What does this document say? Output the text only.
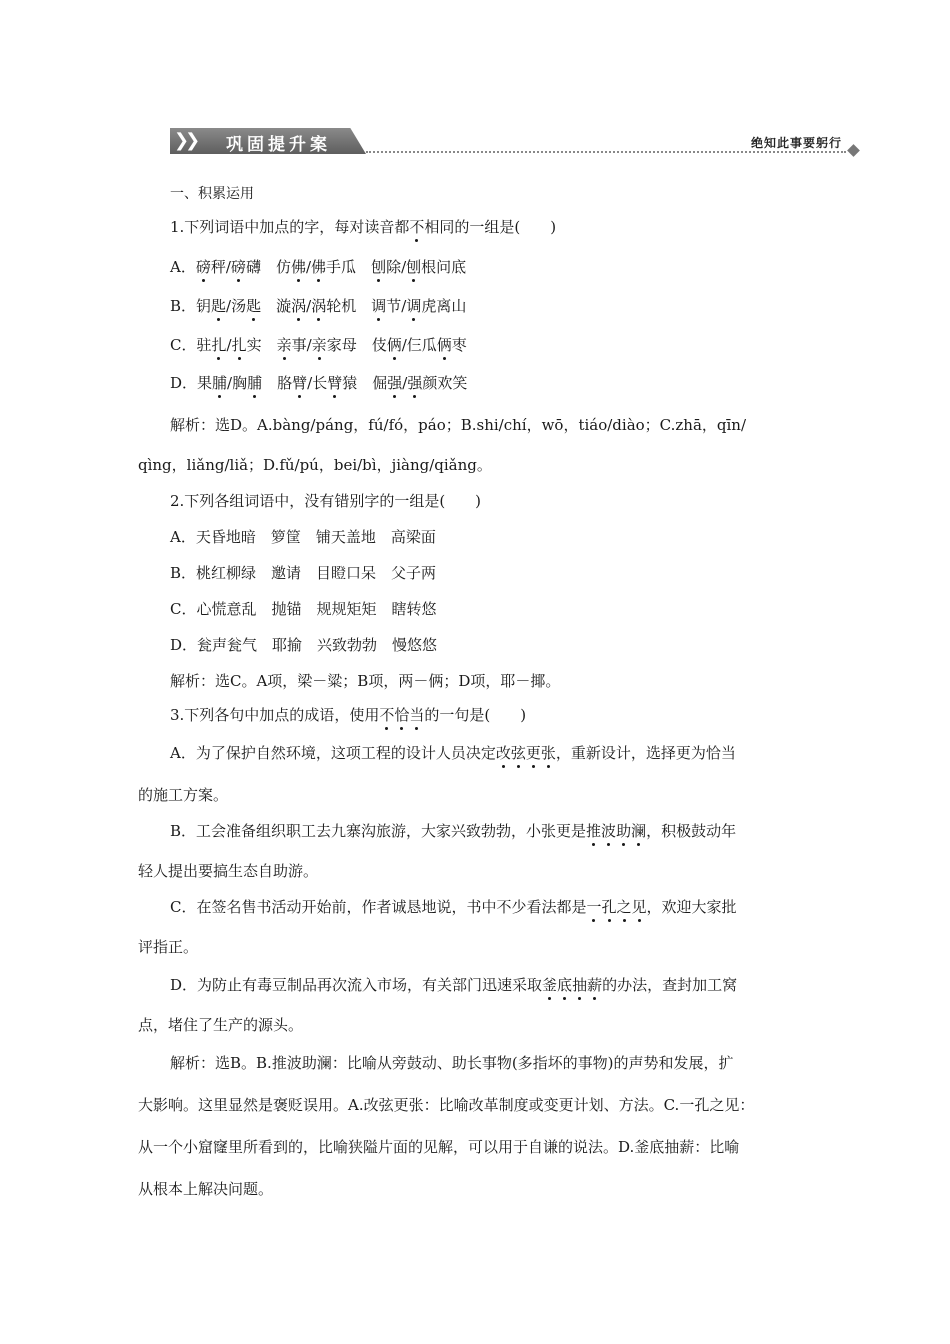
❯❯ 巩固提升案	绝知此事要躬行
一、积累运用
1.下列词语中加点的字，每对读音都不相同的一组是(　　)
A．磅秤/磅礴　仿佛/佛手瓜　刨除/刨根问底
B．钥匙/汤匙　漩涡/涡轮机　调节/调虎离山
C．驻扎/扎实　亲事/亲家母　伎俩/仨瓜俩枣
D．果脯/胸脯　胳臂/长臂猿　倔强/强颜欢笑
解析：选D。A.bàng/páng，fú/fó，páo；B.shi/chí，wō，tiáo/diào；C.zhā，qīn/
qìng，liǎng/liǎ；D.fǔ/pú，bei/bì，jiàng/qiǎng。
2.下列各组词语中，没有错别字的一组是(　　)
A．天昏地暗　箩筐　铺天盖地　高梁面
B．桃红柳绿　邀请　目瞪口呆　父子两
C．心慌意乱　抛锚　规规矩矩　瞎转悠
D．瓮声瓮气　耶揄　兴致勃勃　慢悠悠
解析：选C。A项，梁－粱；B项，两－俩；D项，耶－揶。
3.下列各句中加点的成语，使用不恰当的一句是(　　)
A．为了保护自然环境，这项工程的设计人员决定改弦更张，重新设计，选择更为恰当
的施工方案。
B．工会准备组织职工去九寨沟旅游，大家兴致勃勃，小张更是推波助澜，积极鼓动年
轻人提出要搞生态自助游。
C．在签名售书活动开始前，作者诚恳地说，书中不少看法都是一孔之见，欢迎大家批
评指正。
D．为防止有毒豆制品再次流入市场，有关部门迅速采取釜底抽薪的办法，查封加工窝
点，堵住了生产的源头。
解析：选B。B.推波助澜：比喻从旁鼓动、助长事物(多指坏的事物)的声势和发展，扩
大影响。这里显然是褒贬误用。A.改弦更张：比喻改革制度或变更计划、方法。C.一孔之见：
从一个小窟窿里所看到的，比喻狭隘片面的见解，可以用于自谦的说法。D.釜底抽薪：比喻
从根本上解决问题。
